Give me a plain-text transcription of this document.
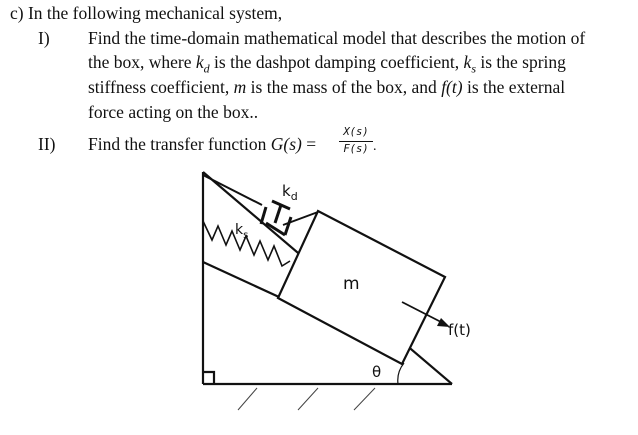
c) In the following mechanical system,
I) Find the time-domain mathematical model that describes the motion of
the box, where $k_d$ is the dashpot damping coefficient, $k_s$ is the spring
stiffness coefficient, m is the mass of the box, and f(t) is the external
force acting on the box..
II) Find the transfer function G(s) =
X(s)
F(s) .
$k_d$
$k_s$
m
f(t)
θ
